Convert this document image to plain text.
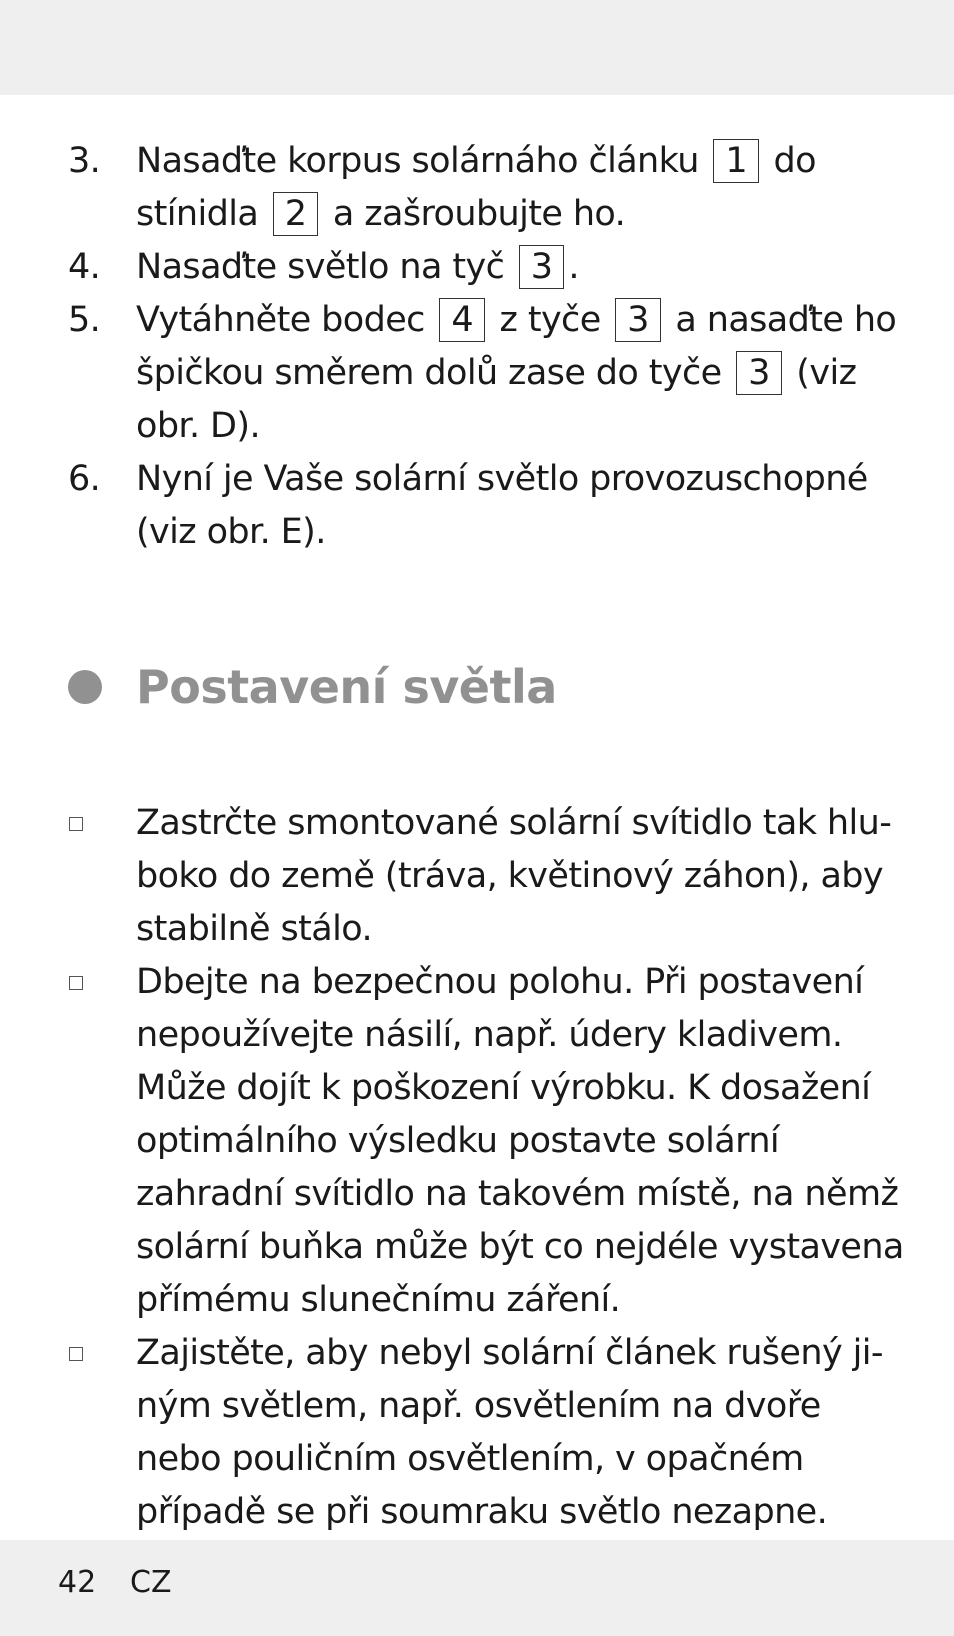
3. Nasaďte korpus solárnáho článku 1 do stínidla 2 a zašroubujte ho.
4. Nasaďte světlo na tyč 3 .
5. Vytáhněte bodec 4 z tyče 3 a nasaďte ho špičkou směrem dolů zase do tyče 3 (viz obr. D).
6. Nyní je Vaše solární světlo provozuschopné (viz obr. E).
Postavení světla
Zastrčte smontované solární svítidlo tak hluboko do země (tráva, květinový záhon), aby stabilně stálo.
Dbejte na bezpečnou polohu. Při postavení nepoužívejte násilí, např. údery kladivem. Může dojít k poškození výrobku. K dosažení optimálního výsledku postavte solární zahradní svítidlo na takovém místě, na němž solární buňka může být co nejdéle vystavena přímému slunečnímu záření.
Zajistěte, aby nebyl solární článek rušený jiným světlem, např. osvětlením na dvoře nebo pouličním osvětlením, v opačném případě se při soumraku světlo nezapne.
42 CZ
